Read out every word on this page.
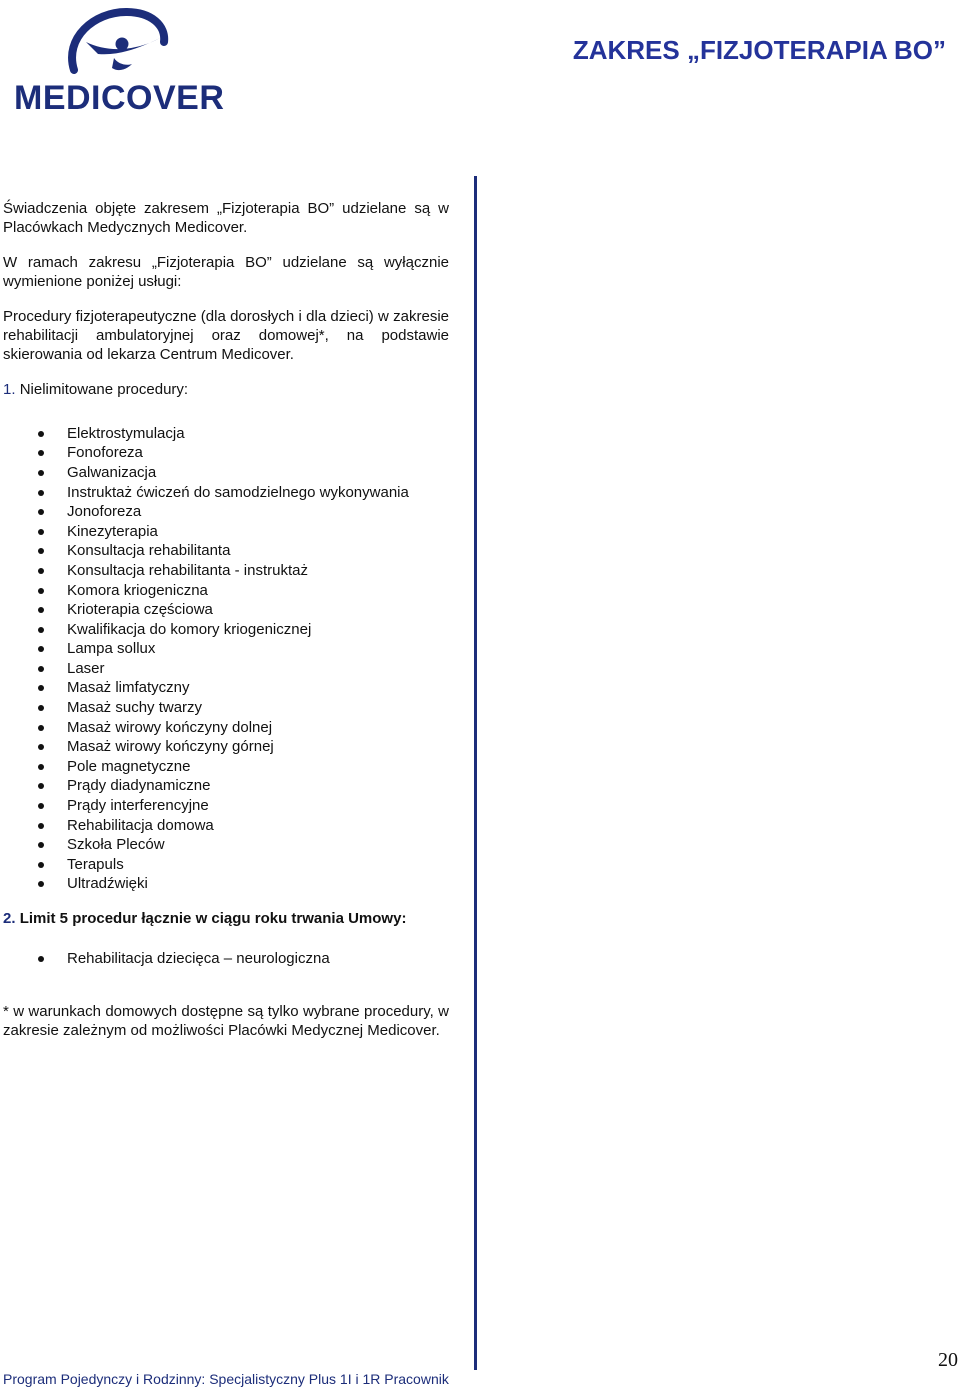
MEDICOVER
ZAKRES „FIZJOTERAPIA BO”

Świadczenia objęte zakresem „Fizjoterapia BO” udzielane są w Placówkach Medycznych Medicover.

W ramach zakresu „Fizjoterapia BO” udzielane są wyłącznie wymienione poniżej usługi:

Procedury fizjoterapeutyczne (dla dorosłych i dla dzieci) w zakresie rehabilitacji ambulatoryjnej oraz domowej*, na podstawie skierowania od lekarza Centrum Medicover.

1. Nielimitowane procedury:

Elektrostymulacja
Fonoforeza
Galwanizacja
Instruktaż ćwiczeń do samodzielnego wykonywania
Jonoforeza
Kinezyterapia
Konsultacja rehabilitanta
Konsultacja rehabilitanta - instruktaż
Komora kriogeniczna
Krioterapia częściowa
Kwalifikacja do komory kriogenicznej
Lampa sollux
Laser
Masaż limfatyczny
Masaż suchy twarzy
Masaż wirowy kończyny dolnej
Masaż wirowy kończyny górnej
Pole magnetyczne
Prądy diadynamiczne
Prądy interferencyjne
Rehabilitacja domowa
Szkoła Pleców
Terapuls
Ultradźwięki

2. Limit 5 procedur łącznie w ciągu roku trwania Umowy:

Rehabilitacja dziecięca – neurologiczna

* w warunkach domowych dostępne są tylko wybrane procedury, w zakresie zależnym od możliwości Placówki Medycznej Medicover.

Program Pojedynczy i Rodzinny: Specjalistyczny Plus 1I i 1R Pracownik
20
